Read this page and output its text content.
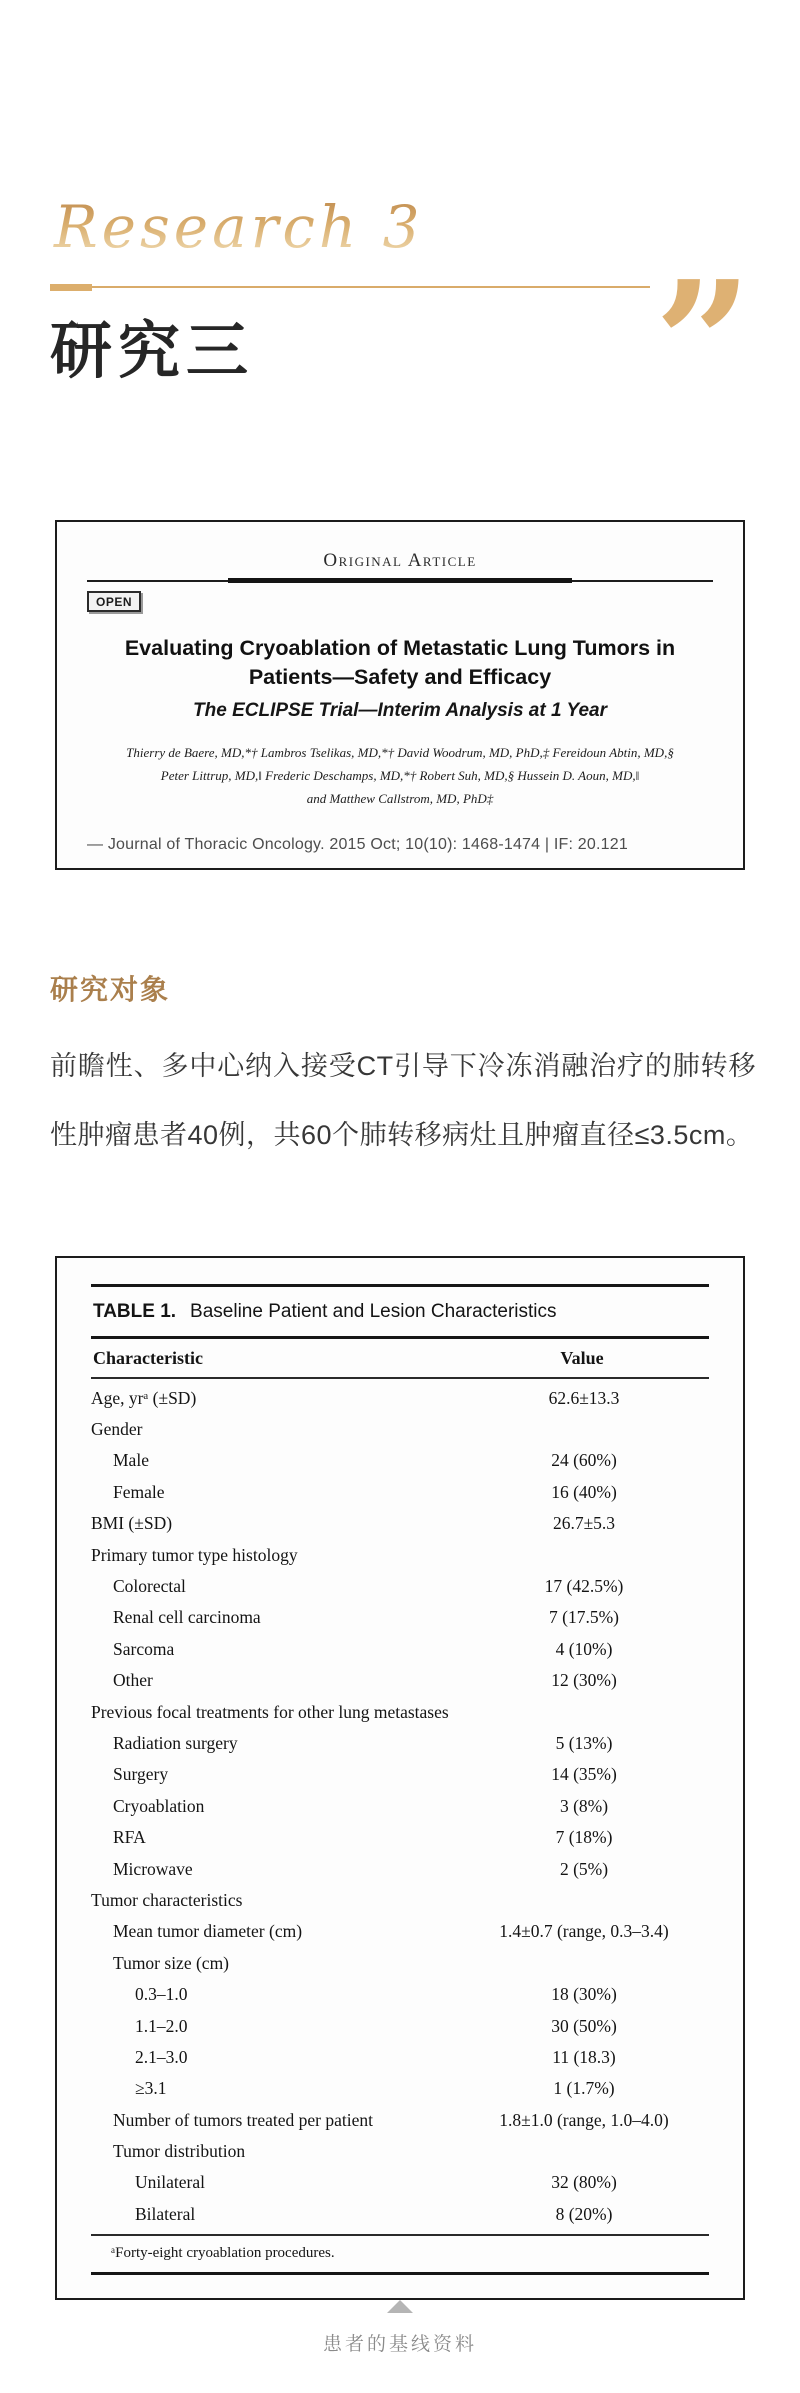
Research 3
研究三	”
Original Article
OPEN
Evaluating Cryoablation of Metastatic Lung Tumors in
Patients—Safety and Efficacy
The ECLIPSE Trial—Interim Analysis at 1 Year
Thierry de Baere, MD,*† Lambros Tselikas, MD,*† David Woodrum, MD, PhD,‡ Fereidoun Abtin, MD,§
Peter Littrup, MD,‖ Frederic Deschamps, MD,*† Robert Suh, MD,§ Hussein D. Aoun, MD,‖
and Matthew Callstrom, MD, PhD‡
— Journal of Thoracic Oncology. 2015 Oct; 10(10): 1468-1474 | IF: 20.121
研究对象
前瞻性、多中心纳入接受CT引导下冷冻消融治疗的肺转移性肿瘤患者40例，共60个肺转移病灶且肿瘤直径≤3.5cm。
TABLE 1. Baseline Patient and Lesion Characteristics
Characteristic	Value
Age, yrᵃ (±SD)	62.6±13.3
Gender
Male	24 (60%)
Female	16 (40%)
BMI (±SD)	26.7±5.3
Primary tumor type histology
Colorectal	17 (42.5%)
Renal cell carcinoma	7 (17.5%)
Sarcoma	4 (10%)
Other	12 (30%)
Previous focal treatments for other lung metastases
Radiation surgery	5 (13%)
Surgery	14 (35%)
Cryoablation	3 (8%)
RFA	7 (18%)
Microwave	2 (5%)
Tumor characteristics
Mean tumor diameter (cm)	1.4±0.7 (range, 0.3–3.4)
Tumor size (cm)
0.3–1.0	18 (30%)
1.1–2.0	30 (50%)
2.1–3.0	11 (18.3)
≥3.1	1 (1.7%)
Number of tumors treated per patient	1.8±1.0 (range, 1.0–4.0)
Tumor distribution
Unilateral	32 (80%)
Bilateral	8 (20%)
ᵃForty-eight cryoablation procedures.
患者的基线资料
